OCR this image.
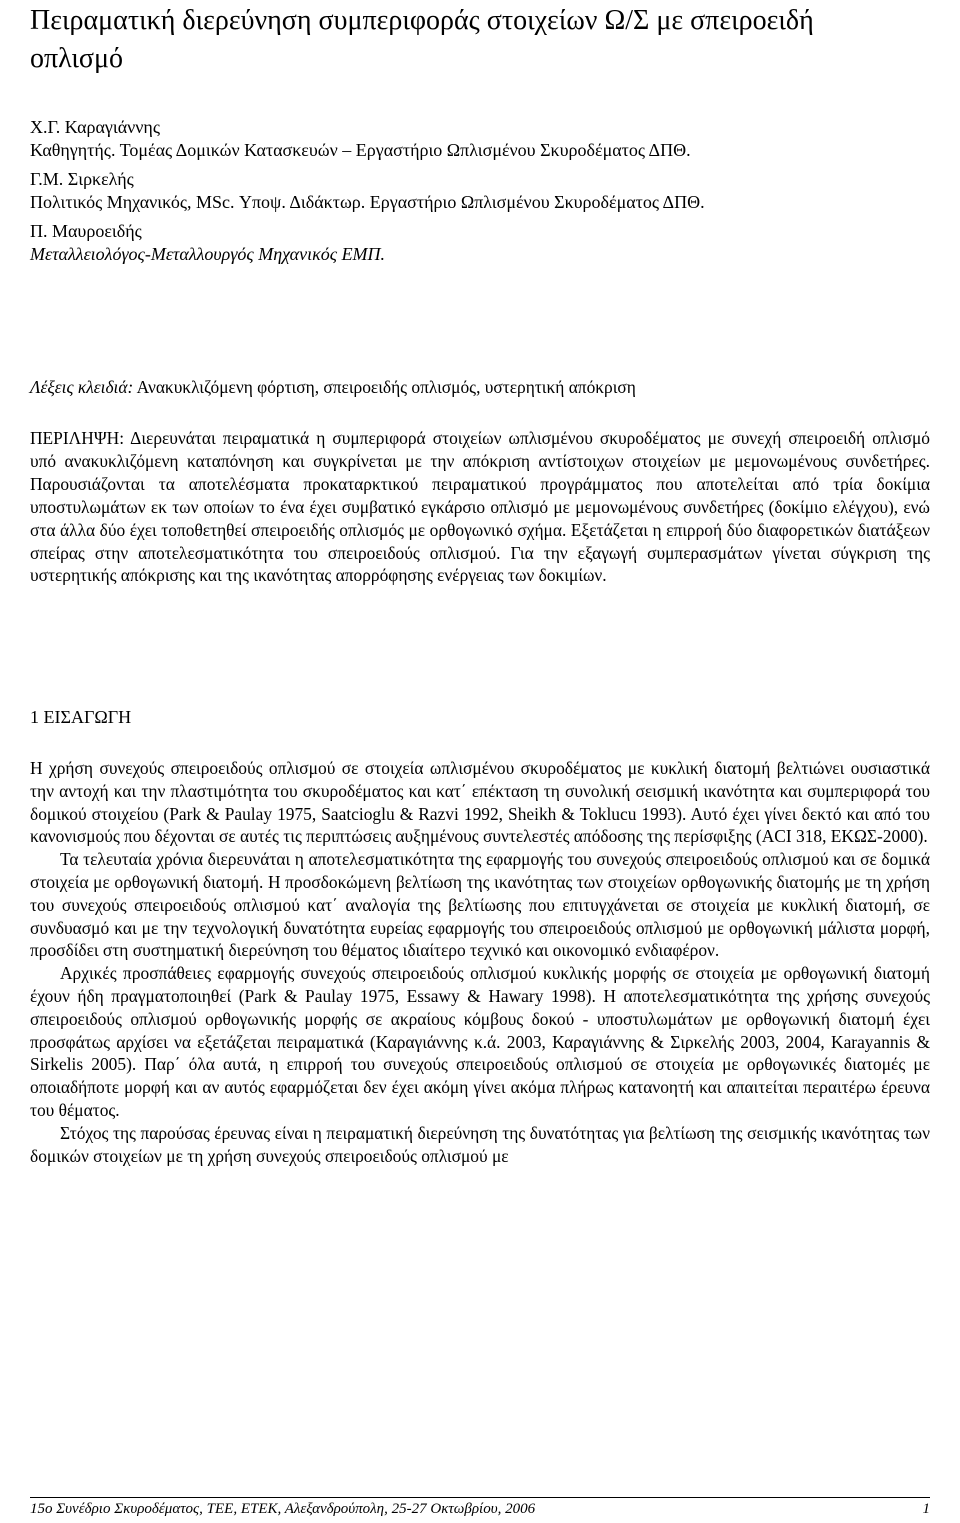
Πειραματική διερεύνηση συμπεριφοράς στοιχείων Ω/Σ με σπειροειδή οπλισμό
Χ.Γ. Καραγιάννης
Καθηγητής. Τομέας Δομικών Κατασκευών – Εργαστήριο Ωπλισμένου Σκυροδέματος ΔΠΘ.
Γ.Μ. Σιρκελής
Πολιτικός Μηχανικός, MSc. Υποψ. Διδάκτωρ. Εργαστήριο Ωπλισμένου Σκυροδέματος ΔΠΘ.
Π. Μαυροειδής
Μεταλλειολόγος-Μεταλλουργός Μηχανικός ΕΜΠ.
Λέξεις κλειδιά: Ανακυκλιζόμενη φόρτιση, σπειροειδής οπλισμός, υστερητική απόκριση
ΠΕΡΙΛΗΨΗ: Διερευνάται πειραματικά η συμπεριφορά στοιχείων ωπλισμένου σκυροδέματος με συνεχή σπειροειδή οπλισμό υπό ανακυκλιζόμενη καταπόνηση και συγκρίνεται με την απόκριση αντίστοιχων στοιχείων με μεμονωμένους συνδετήρες. Παρουσιάζονται τα αποτελέσματα προκαταρκτικού πειραματικού προγράμματος που αποτελείται από τρία δοκίμια υποστυλωμάτων εκ των οποίων το ένα έχει συμβατικό εγκάρσιο οπλισμό με μεμονωμένους συνδετήρες (δοκίμιο ελέγχου), ενώ στα άλλα δύο έχει τοποθετηθεί σπειροειδής οπλισμός με ορθογωνικό σχήμα. Εξετάζεται η επιρροή δύο διαφορετικών διατάξεων σπείρας στην αποτελεσματικότητα του σπειροειδούς οπλισμού. Για την εξαγωγή συμπερασμάτων γίνεται σύγκριση της υστερητικής απόκρισης και της ικανότητας απορρόφησης ενέργειας των δοκιμίων.
1 ΕΙΣΑΓΩΓΗ

Η χρήση συνεχούς σπειροειδούς οπλισμού σε στοιχεία ωπλισμένου σκυροδέματος με κυκλική διατομή βελτιώνει ουσιαστικά την αντοχή και την πλαστιμότητα του σκυροδέματος και κατ΄ επέκταση τη συνολική σεισμική ικανότητα και συμπεριφορά του δομικού στοιχείου (Park & Paulay 1975, Saatcioglu & Razvi 1992, Sheikh & Toklucu 1993). Αυτό έχει γίνει δεκτό και από του κανονισμούς που δέχονται σε αυτές τις περιπτώσεις αυξημένους συντελεστές απόδοσης της περίσφιξης (ACI 318, ΕΚΩΣ-2000).

Τα τελευταία χρόνια διερευνάται η αποτελεσματικότητα της εφαρμογής του συνεχούς σπειροειδούς οπλισμού και σε δομικά στοιχεία με ορθογωνική διατομή. Η προσδοκώμενη βελτίωση της ικανότητας των στοιχείων ορθογωνικής διατομής με τη χρήση του συνεχούς σπειροειδούς οπλισμού κατ΄ αναλογία της βελτίωσης που επιτυγχάνεται σε στοιχεία με κυκλική διατομή, σε συνδυασμό και με την τεχνολογική δυνατότητα ευρείας εφαρμογής του σπειροειδούς οπλισμού με ορθογωνική μάλιστα μορφή, προσδίδει στη συστηματική διερεύνηση του θέματος ιδιαίτερο τεχνικό και οικονομικό ενδιαφέρον.

Αρχικές προσπάθειες εφαρμογής συνεχούς σπειροειδούς οπλισμού κυκλικής μορφής σε στοιχεία με ορθογωνική διατομή έχουν ήδη πραγματοποιηθεί (Park & Paulay 1975, Essawy & Hawary 1998). Η αποτελεσματικότητα της χρήσης συνεχούς σπειροειδούς οπλισμού ορθογωνικής μορφής σε ακραίους κόμβους δοκού - υποστυλωμάτων με ορθογωνική διατομή έχει προσφάτως αρχίσει να εξετάζεται πειραματικά (Καραγιάννης κ.ά. 2003, Καραγιάννης & Σιρκελής 2003, 2004, Karayannis & Sirkelis 2005). Παρ΄ όλα αυτά, η επιρροή του συνεχούς σπειροειδούς οπλισμού σε στοιχεία με ορθογωνικές διατομές με οποιαδήποτε μορφή και αν αυτός εφαρμόζεται δεν έχει ακόμη γίνει ακόμα πλήρως κατανοητή και απαιτείται περαιτέρω έρευνα του θέματος.

Στόχος της παρούσας έρευνας είναι η πειραματική διερεύνηση της δυνατότητας για βελτίωση της σεισμικής ικανότητας των δομικών στοιχείων με τη χρήση συνεχούς σπειροειδούς οπλισμού με

15ο Συνέδριο Σκυροδέματος, ΤΕΕ, ΕΤΕΚ, Αλεξανδρούπολη, 25-27 Οκτωβρίου, 2006	1
